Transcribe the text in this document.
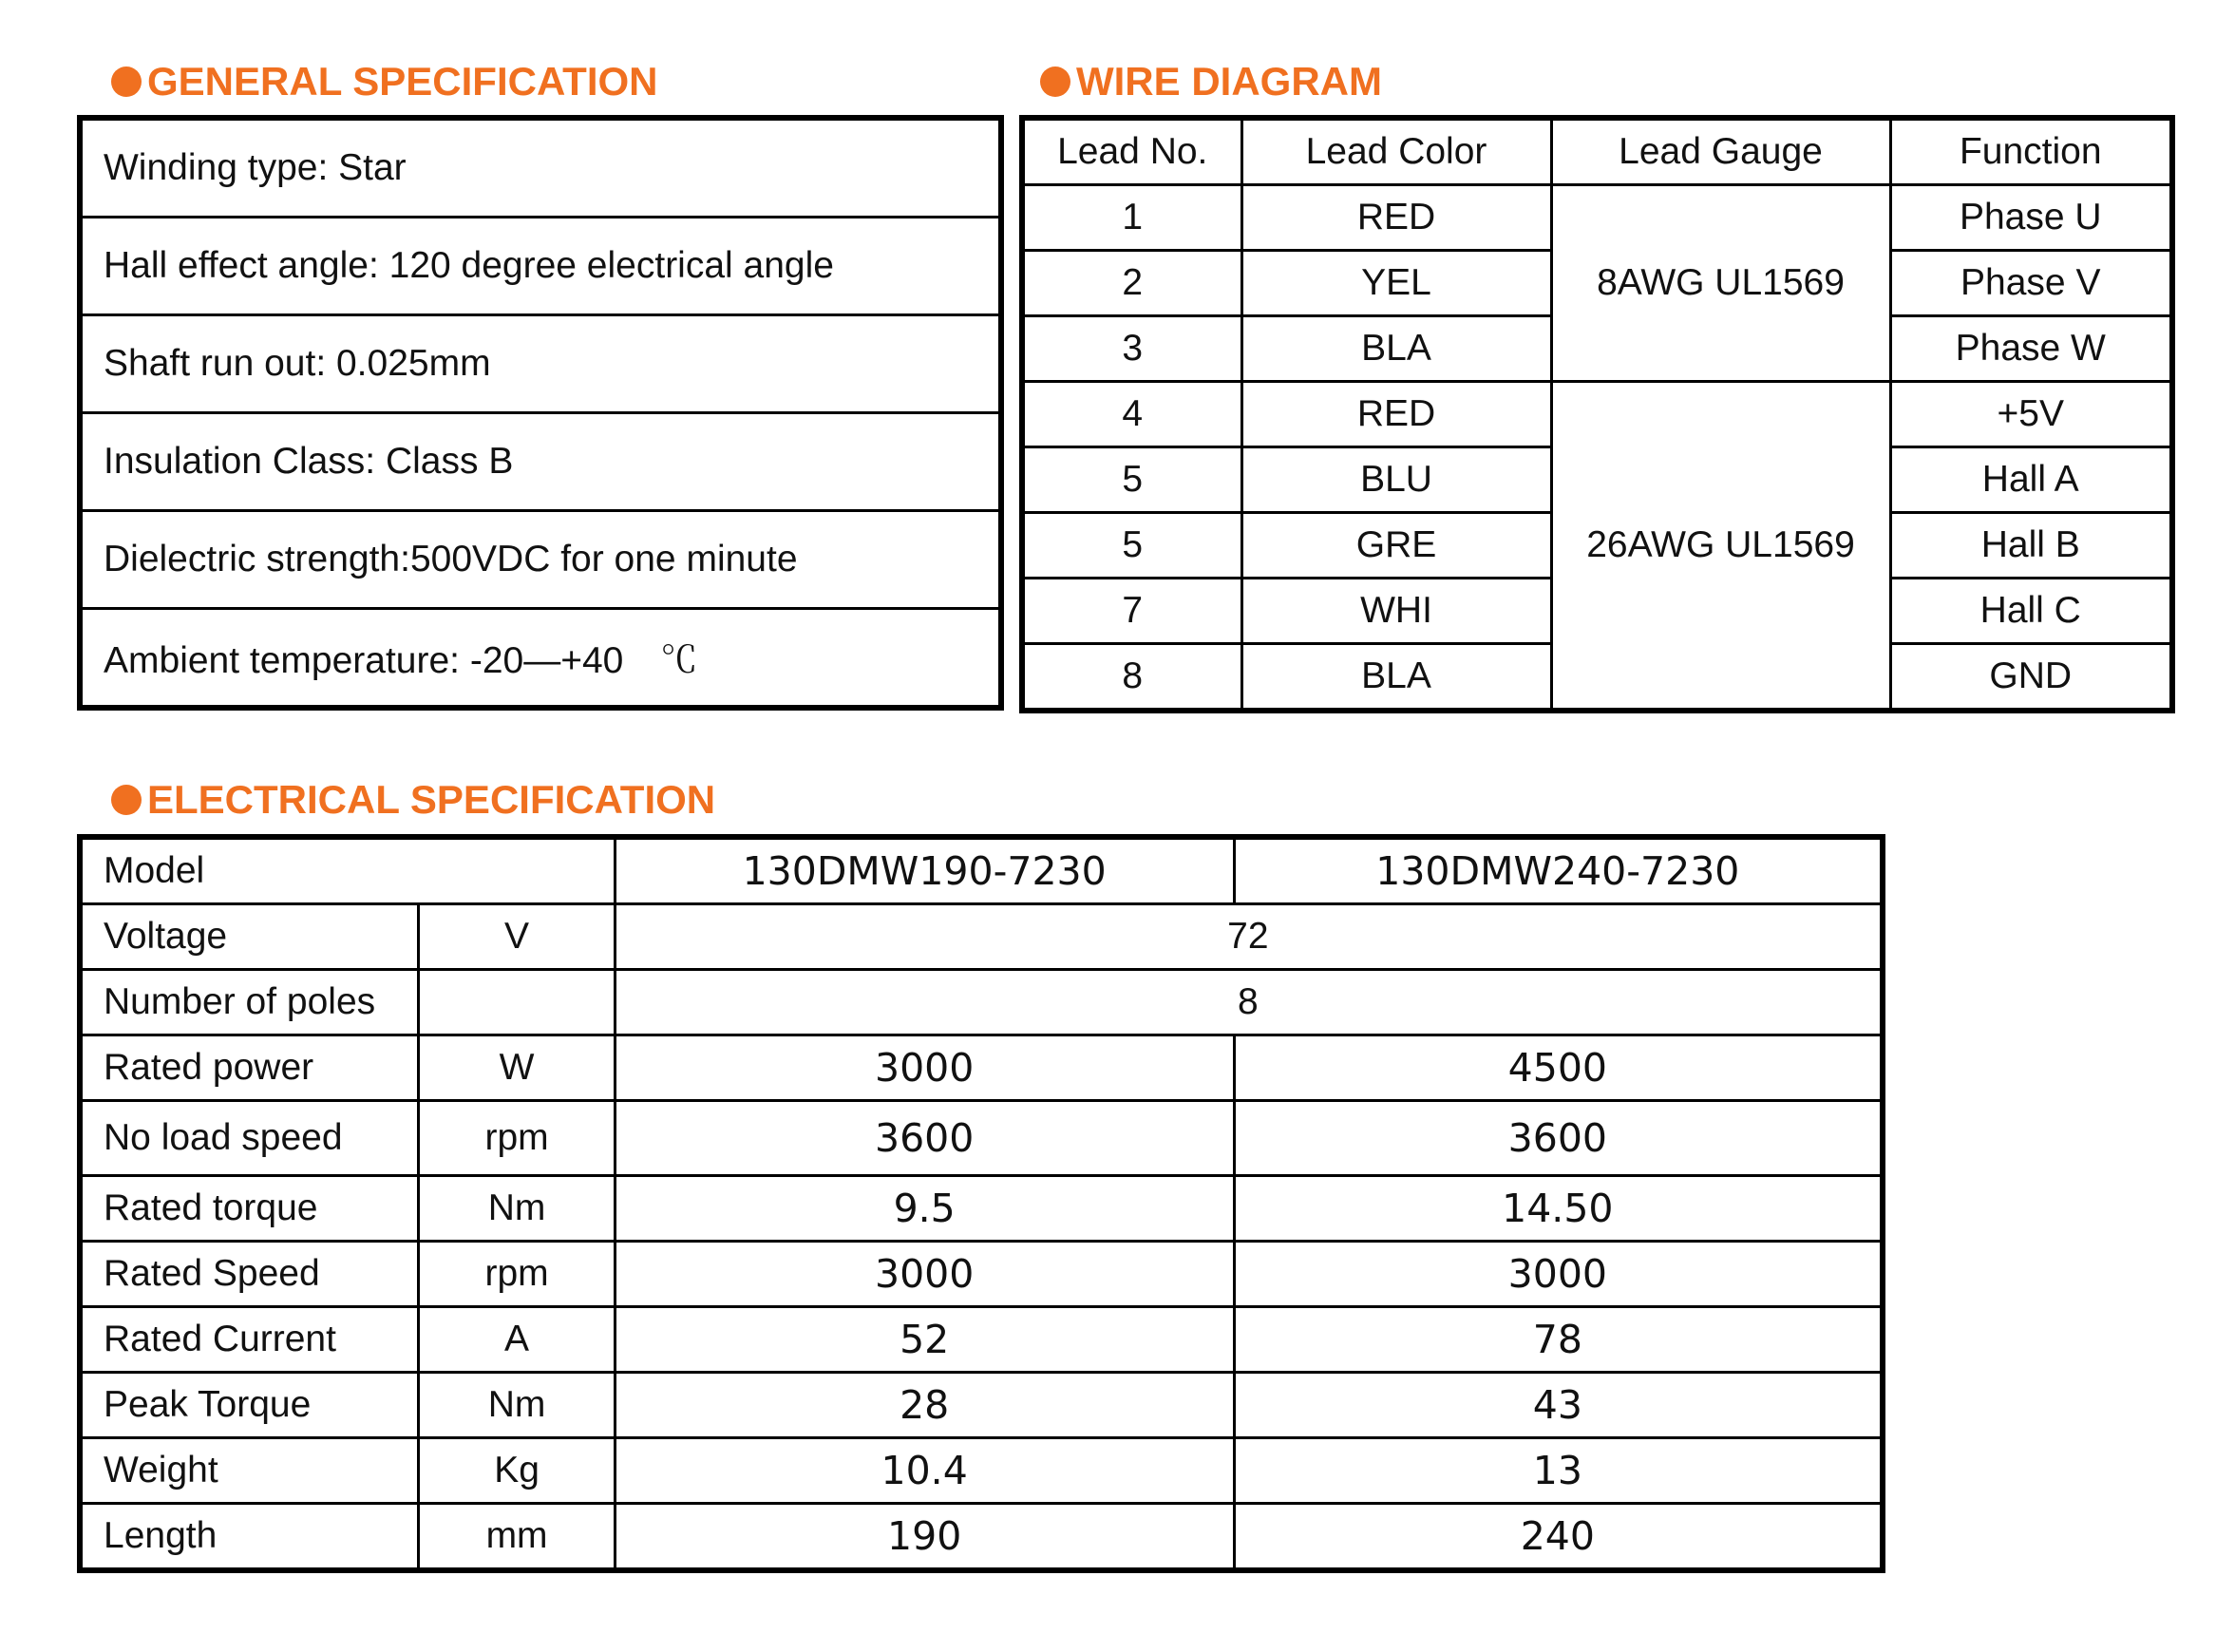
GENERAL SPECIFICATION
Winding type: Star
Hall effect angle: 120 degree electrical angle
Shaft run out: 0.025mm
Insulation Class: Class B
Dielectric strength:500VDC for one minute
Ambient temperature: -20—+40　℃
WIRE DIAGRAM
Lead No.	Lead Color	Lead Gauge	Function
1	RED	8AWG UL1569	Phase U
2	YEL		Phase V
3	BLA		Phase W
4	RED	26AWG UL1569	+5V
5	BLU		Hall A
5	GRE		Hall B
7	WHI		Hall C
8	BLA		GND
ELECTRICAL SPECIFICATION
Model		130DMW190-7230	130DMW240-7230
Voltage	V	72	
Number of poles		8	
Rated power	W	3000	4500
No load speed	rpm	3600	3600
Rated torque	Nm	9.5	14.50
Rated Speed	rpm	3000	3000
Rated Current	A	52	78
Peak Torque	Nm	28	43
Weight	Kg	10.4	13
Length	mm	190	240
